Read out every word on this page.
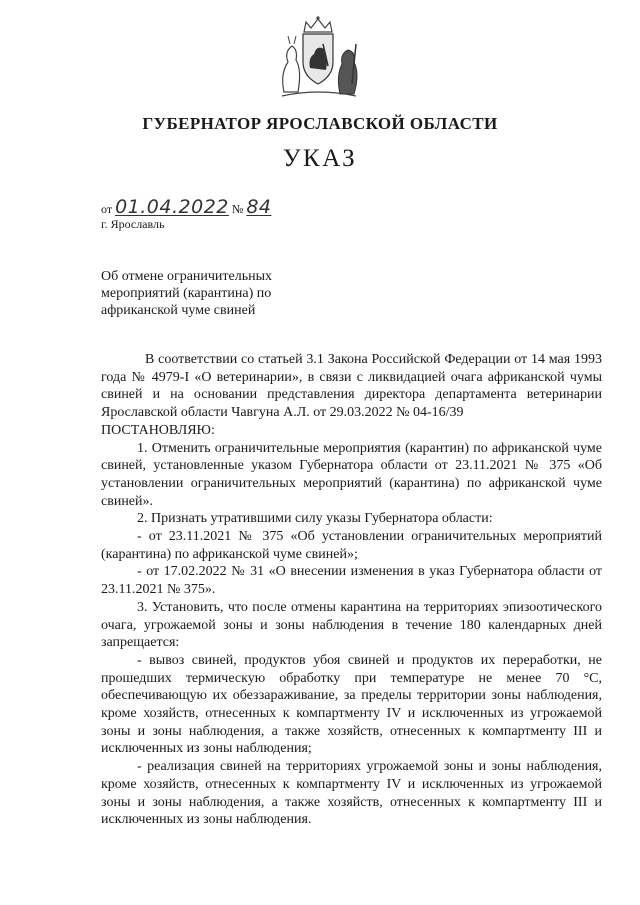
ГУБЕРНАТОР ЯРОСЛАВСКОЙ ОБЛАСТИ
УКАЗ
от 01.04.2022 № 84
г. Ярославль
Об отмене ограничительных мероприятий (карантина) по африканской чуме свиней

В соответствии со статьей 3.1 Закона Российской Федерации от 14 мая 1993 года № 4979-I «О ветеринарии», в связи с ликвидацией очага африканской чумы свиней и на основании представления директора департамента ветеринарии Ярославской области Чавгуна А.Л. от 29.03.2022 № 04-16/39

ПОСТАНОВЛЯЮ:

1. Отменить ограничительные мероприятия (карантин) по африканской чуме свиней, установленные указом Губернатора области от 23.11.2021 № 375 «Об установлении ограничительных мероприятий (карантина) по африканской чуме свиней».

2. Признать утратившими силу указы Губернатора области:

- от 23.11.2021 № 375 «Об установлении ограничительных мероприятий (карантина) по африканской чуме свиней»;

- от 17.02.2022 № 31 «О внесении изменения в указ Губернатора области от 23.11.2021 № 375».

3. Установить, что после отмены карантина на территориях эпизоотического очага, угрожаемой зоны и зоны наблюдения в течение 180 календарных дней запрещается:

- вывоз свиней, продуктов убоя свиней и продуктов их переработки, не прошедших термическую обработку при температуре не менее 70 °С, обеспечивающую их обеззараживание, за пределы территории зоны наблюдения, кроме хозяйств, отнесенных к компартменту IV и исключенных из угрожаемой зоны и зоны наблюдения, а также хозяйств, отнесенных к компартменту III и исключенных из зоны наблюдения;

- реализация свиней на территориях угрожаемой зоны и зоны наблюдения, кроме хозяйств, отнесенных к компартменту IV и исключенных из угрожаемой зоны и зоны наблюдения, а также хозяйств, отнесенных к компартменту III и исключенных из зоны наблюдения.
